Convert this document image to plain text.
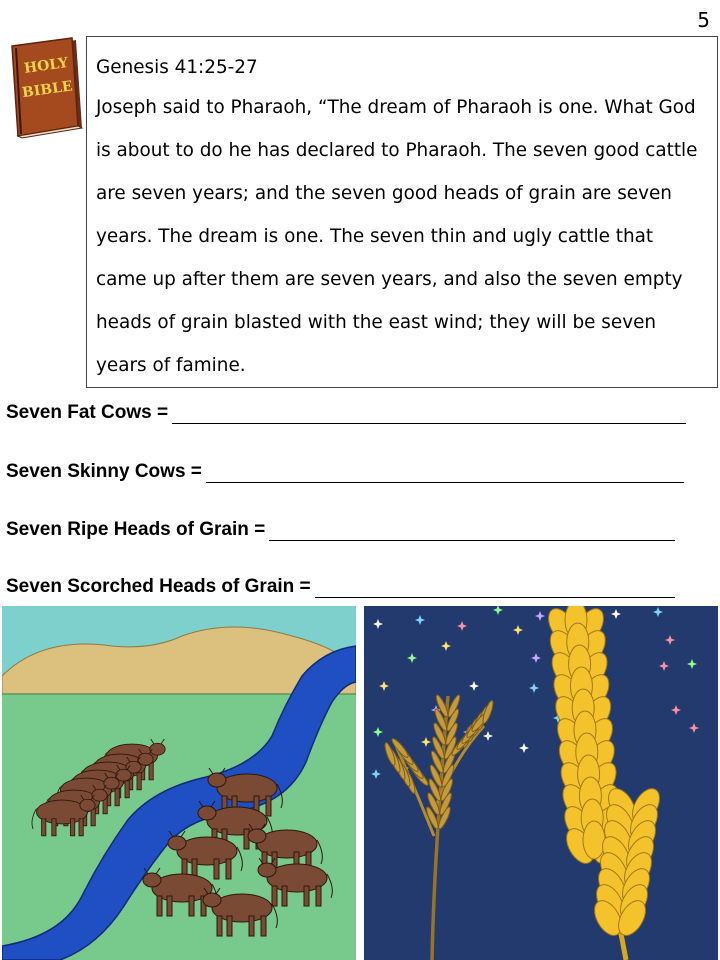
5
HOLY
BIBLE
Genesis 41:25-27
Joseph said to Pharaoh, “The dream of Pharaoh is one. What God is about to do he has declared to Pharaoh. The seven good cattle are seven years; and the seven good heads of grain are seven years. The dream is one. The seven thin and ugly cattle that came up after them are seven years, and also the seven empty heads of grain blasted with the east wind; they will be seven years of famine.
Seven Fat Cows =
Seven Skinny Cows =
Seven Ripe Heads of Grain =
Seven Scorched Heads of Grain =
